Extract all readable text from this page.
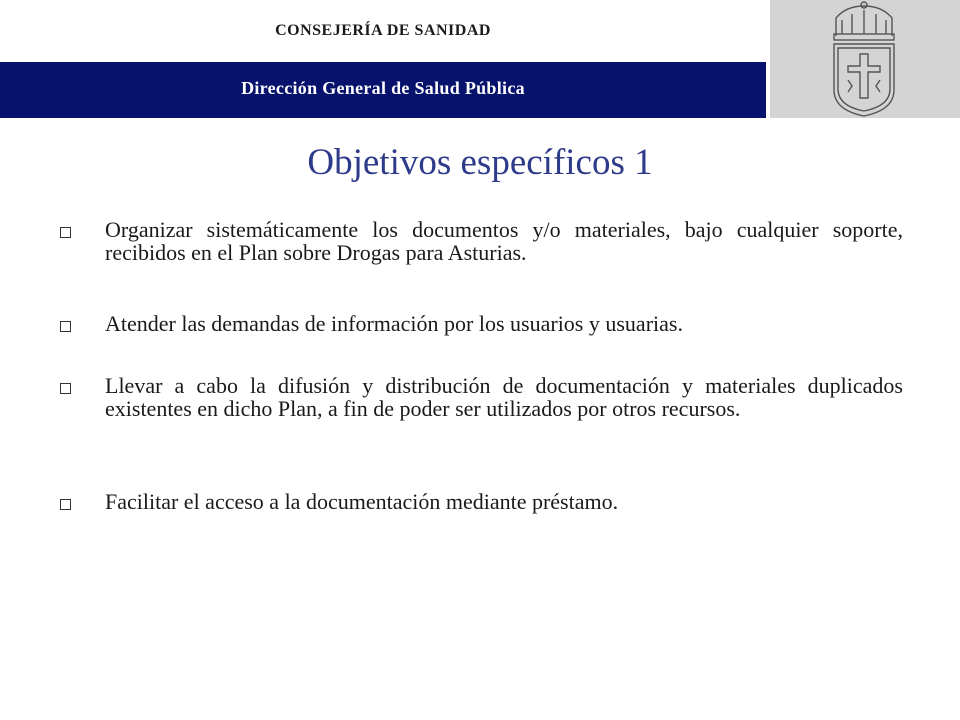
CONSEJERÍA DE SANIDAD
Dirección General de Salud Pública
Objetivos específicos 1
Organizar sistemáticamente los documentos y/o materiales, bajo cualquier soporte, recibidos en el Plan sobre Drogas para Asturias.
Atender las demandas de información por los usuarios y usuarias.
Llevar a cabo la difusión y distribución de documentación y materiales duplicados existentes en dicho Plan, a fin de poder ser utilizados por otros recursos.
Facilitar el acceso a la documentación mediante préstamo.
